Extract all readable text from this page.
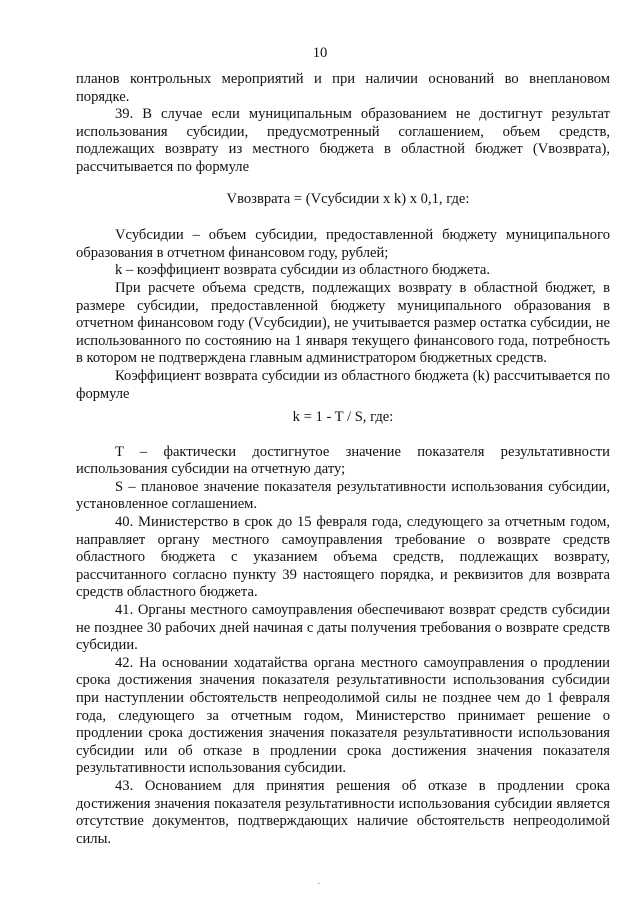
10

планов контрольных мероприятий и при наличии оснований во внеплановом порядке.

39. В случае если муниципальным образованием не достигнут результат использования субсидии, предусмотренный соглашением, объем средств, подлежащих возврату из местного бюджета в областной бюджет (Vвозврата), рассчитывается по формуле

Vвозврата = (Vсубсидии x k) x 0,1, где:

Vсубсидии – объем субсидии, предоставленной бюджету муниципального образования в отчетном финансовом году, рублей;

k – коэффициент возврата субсидии из областного бюджета.

При расчете объема средств, подлежащих возврату в областной бюджет, в размере субсидии, предоставленной бюджету муниципального образования в отчетном финансовом году (Vсубсидии), не учитывается размер остатка субсидии, не использованного по состоянию на 1 января текущего финансового года, потребность в котором не подтверждена главным администратором бюджетных средств.

Коэффициент возврата субсидии из областного бюджета (k) рассчитывается по формуле

k = 1 - T / S, где:

T – фактически достигнутое значение показателя результативности использования субсидии на отчетную дату;

S – плановое значение показателя результативности использования субсидии, установленное соглашением.

40. Министерство в срок до 15 февраля года, следующего за отчетным годом, направляет органу местного самоуправления требование о возврате средств областного бюджета с указанием объема средств, подлежащих возврату, рассчитанного согласно пункту 39 настоящего порядка, и реквизитов для возврата средств областного бюджета.

41. Органы местного самоуправления обеспечивают возврат средств субсидии не позднее 30 рабочих дней начиная с даты получения требования о возврате средств субсидии.

42. На основании ходатайства органа местного самоуправления о продлении срока достижения значения показателя результативности использования субсидии при наступлении обстоятельств непреодолимой силы не позднее чем до 1 февраля года, следующего за отчетным годом, Министерство принимает решение о продлении срока достижения значения показателя результативности использования субсидии или об отказе в продлении срока достижения значения показателя результативности использования субсидии.

43. Основанием для принятия решения об отказе в продлении срока достижения значения показателя результативности использования субсидии является отсутствие документов, подтверждающих наличие обстоятельств непреодолимой силы.
